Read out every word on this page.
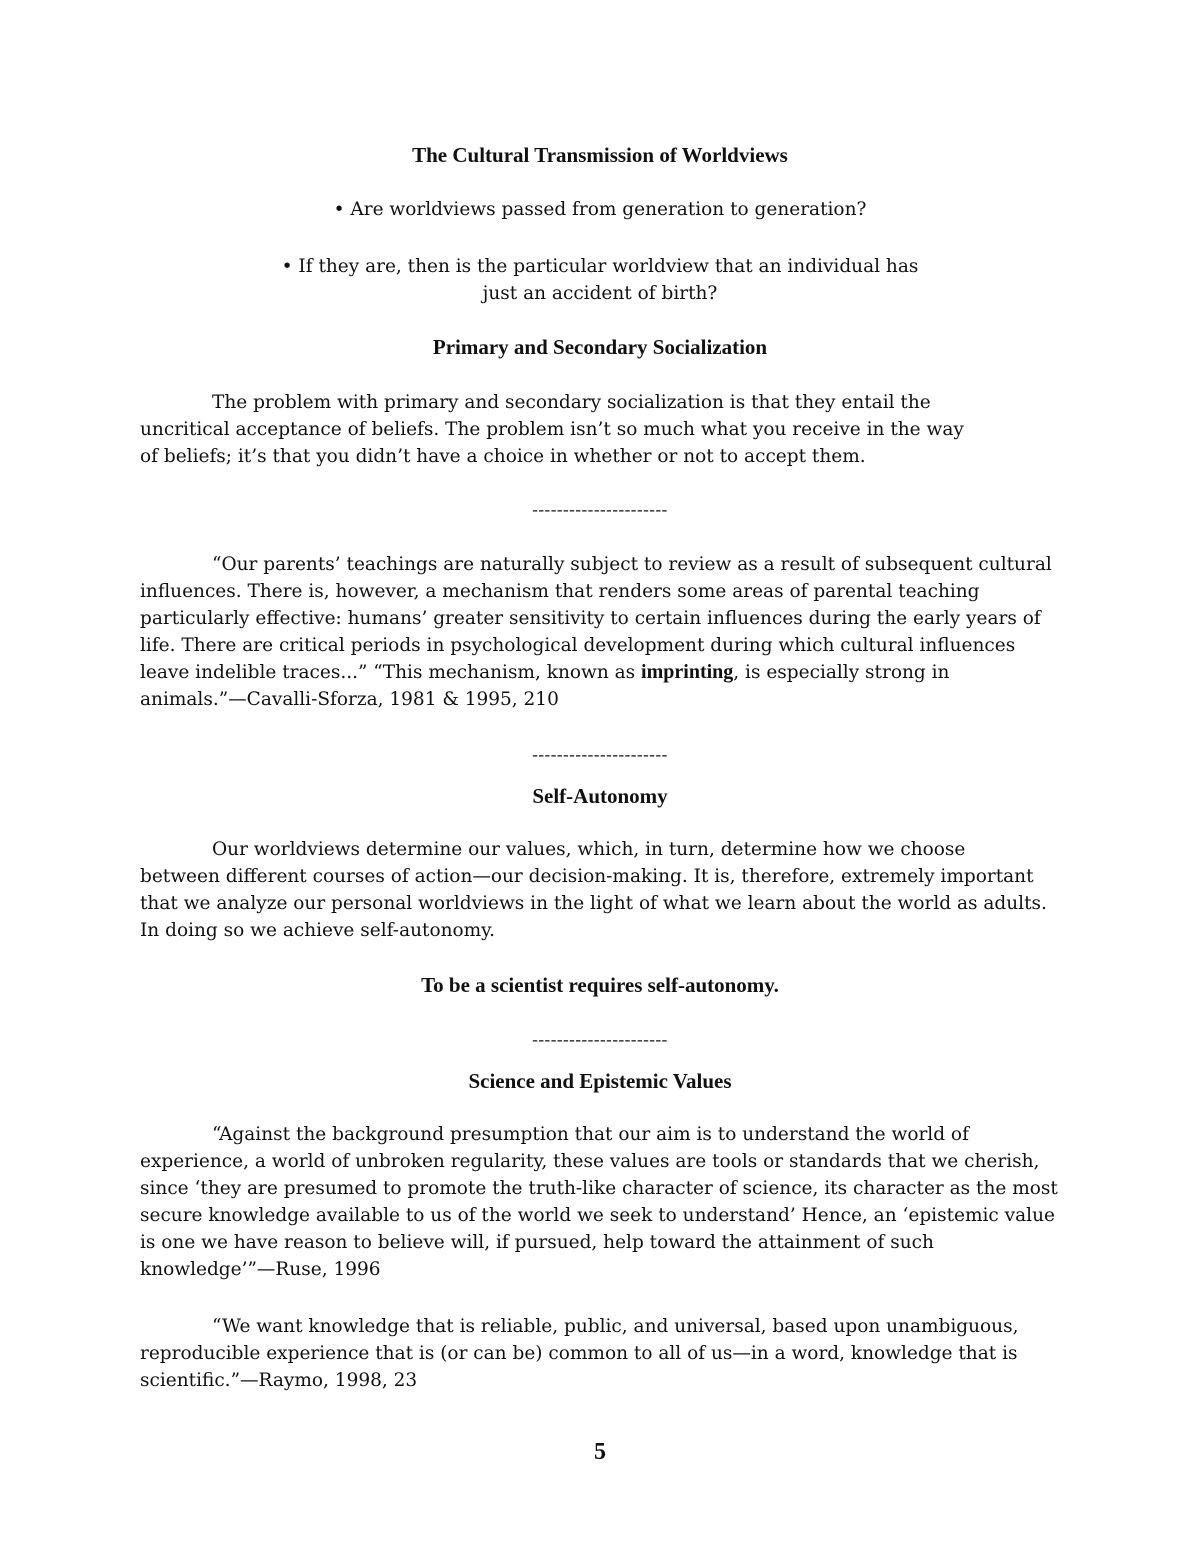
The Cultural Transmission of Worldviews
• Are worldviews passed from generation to generation?
• If they are, then is the particular worldview that an individual has
just an accident of birth?
Primary and Secondary Socialization
The problem with primary and secondary socialization is that they entail the
uncritical acceptance of beliefs. The problem isn’t so much what you receive in the way
of beliefs; it’s that you didn’t have a choice in whether or not to accept them.
----------------------
“Our parents’ teachings are naturally subject to review as a result of subsequent cultural
influences. There is, however, a mechanism that renders some areas of parental teaching
particularly effective: humans’ greater sensitivity to certain influences during the early years of
life. There are critical periods in psychological development during which cultural influences
leave indelible traces...” “This mechanism, known as imprinting, is especially strong in
animals.”—Cavalli-Sforza, 1981 & 1995, 210
----------------------
Self-Autonomy
Our worldviews determine our values, which, in turn, determine how we choose
between different courses of action—our decision-making. It is, therefore, extremely important
that we analyze our personal worldviews in the light of what we learn about the world as adults.
In doing so we achieve self-autonomy.
To be a scientist requires self-autonomy.
----------------------
Science and Epistemic Values
“Against the background presumption that our aim is to understand the world of
experience, a world of unbroken regularity, these values are tools or standards that we cherish,
since ‘they are presumed to promote the truth-like character of science, its character as the most
secure knowledge available to us of the world we seek to understand’ Hence, an ‘epistemic value
is one we have reason to believe will, if pursued, help toward the attainment of such
knowledge’”—Ruse, 1996
“We want knowledge that is reliable, public, and universal, based upon unambiguous,
reproducible experience that is (or can be) common to all of us—in a word, knowledge that is
scientific.”—Raymo, 1998, 23
5
